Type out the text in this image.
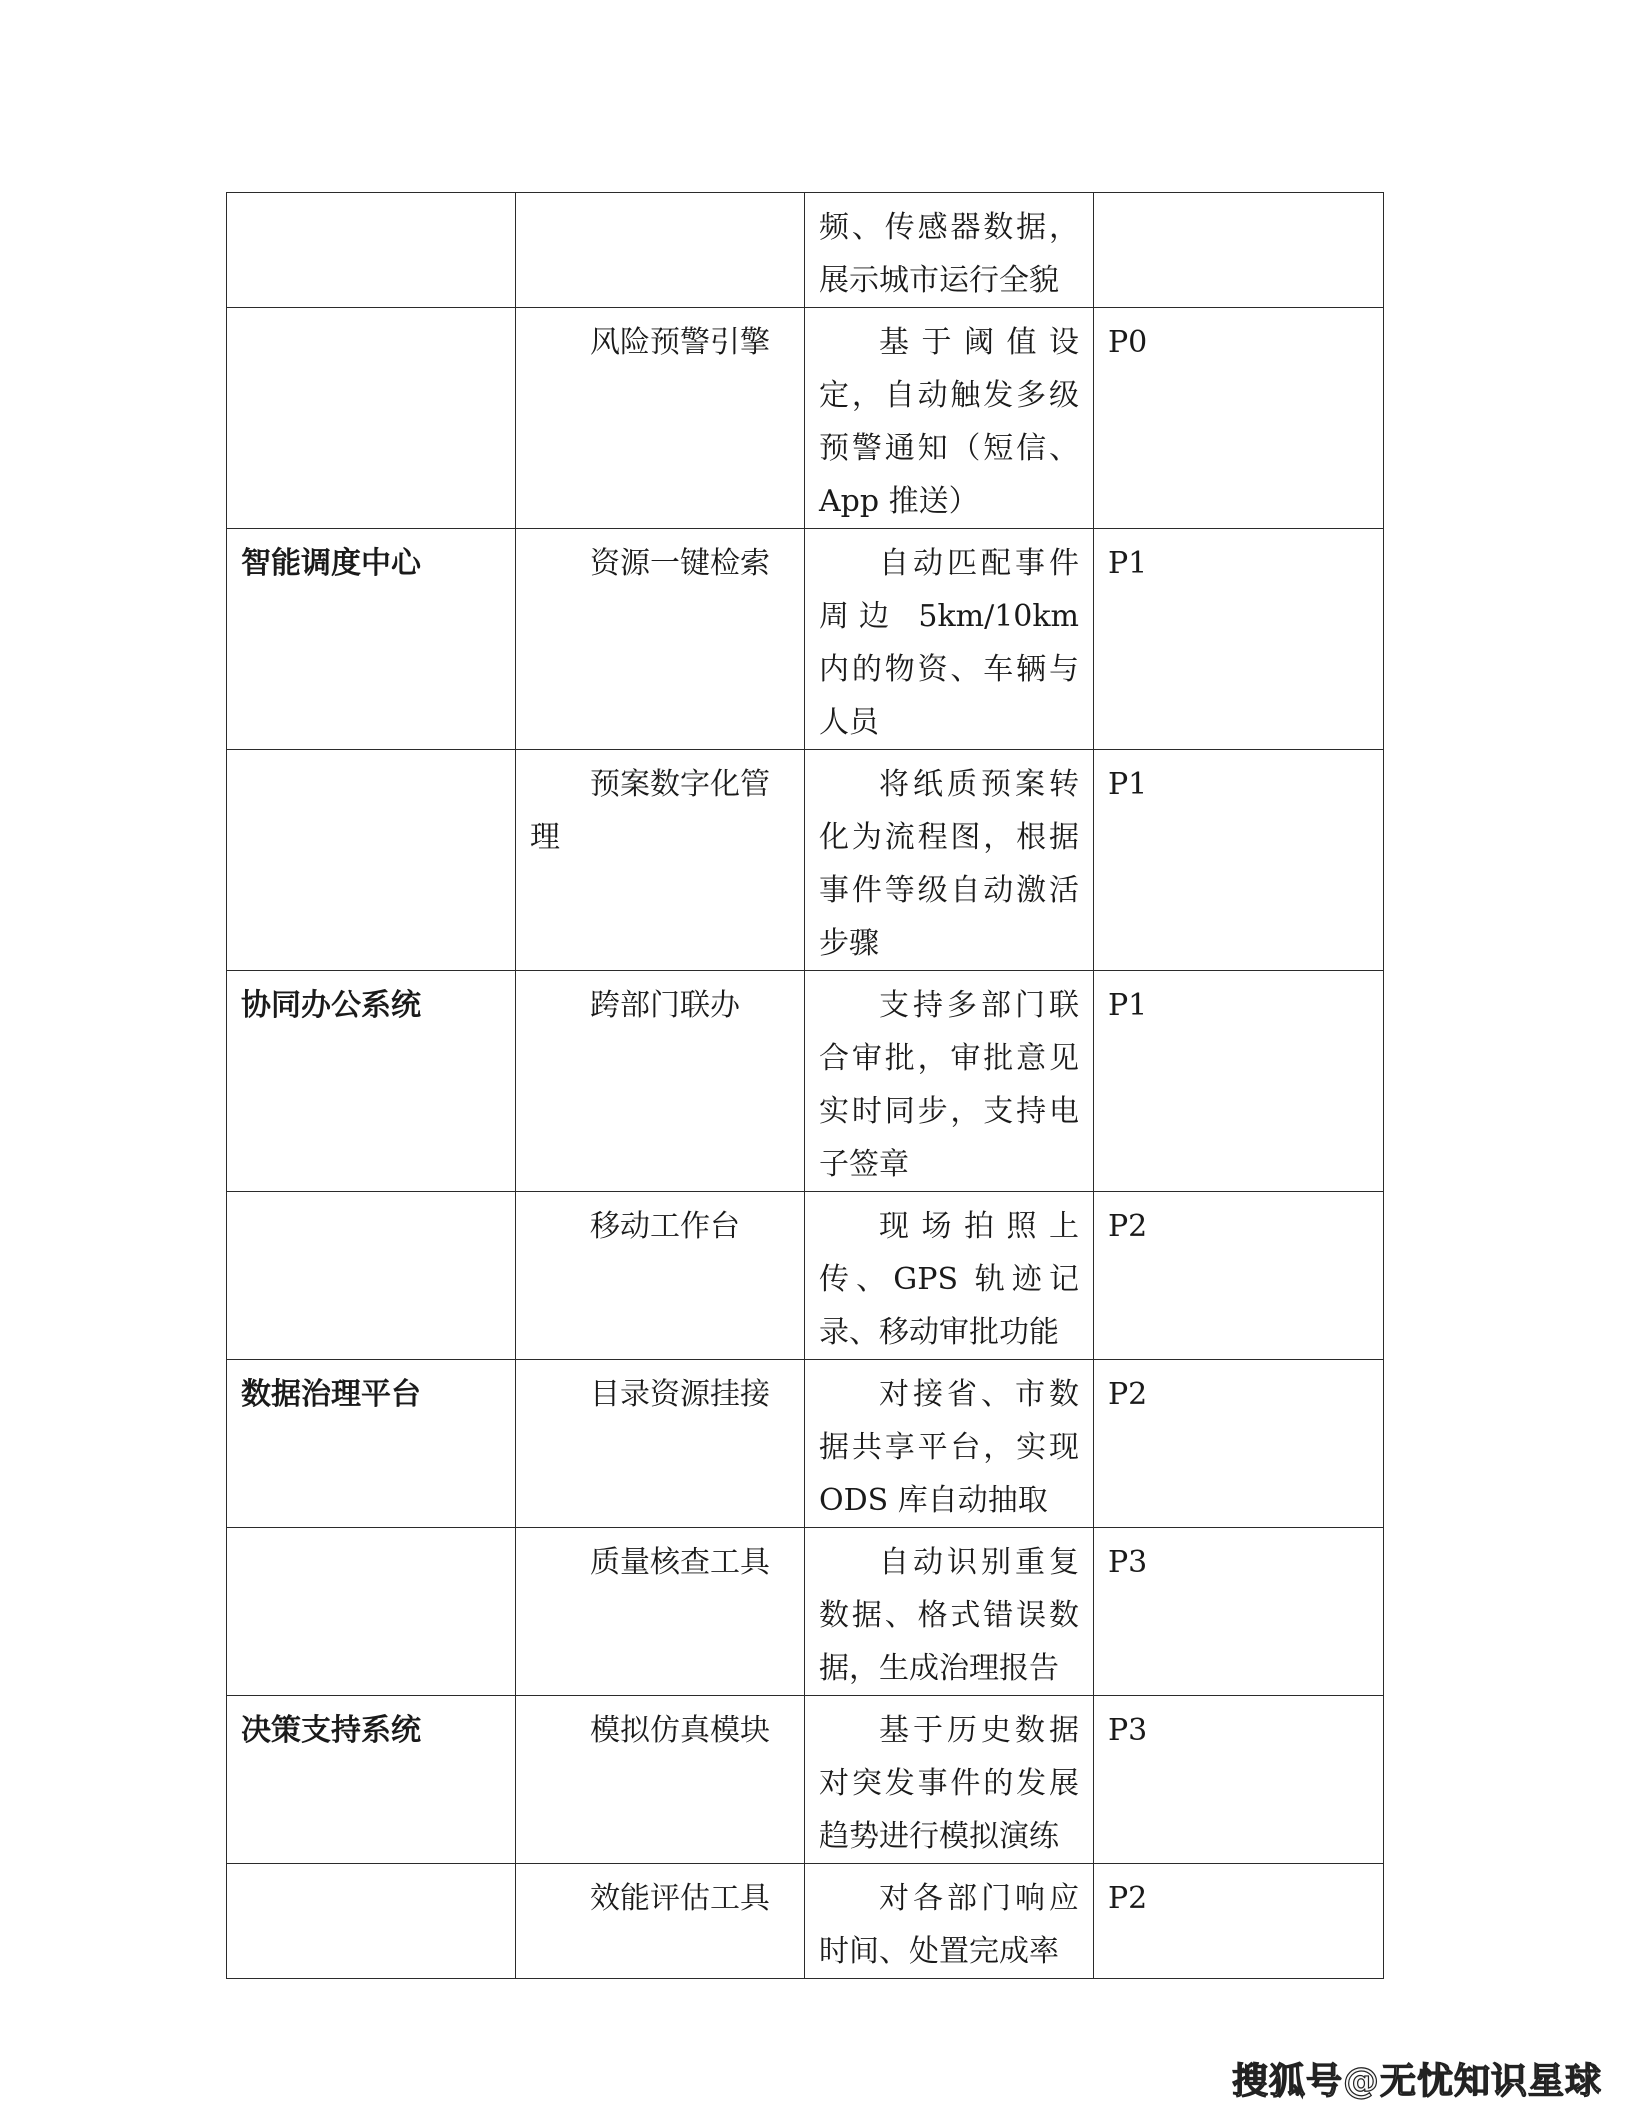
		频、传感器数据，展示城市运行全貌	
	风险预警引擎	基于阈值设定，自动触发多级预警通知（短信、App 推送）	P0
智能调度中心	资源一键检索	自动匹配事件周边 5km/10km 内的物资、车辆与人员	P1
	预案数字化管理	将纸质预案转化为流程图，根据事件等级自动激活步骤	P1
协同办公系统	跨部门联办	支持多部门联合审批，审批意见实时同步，支持电子签章	P1
	移动工作台	现场拍照上传、GPS 轨迹记录、移动审批功能	P2
数据治理平台	目录资源挂接	对接省、市数据共享平台，实现 ODS 库自动抽取	P2
	质量核查工具	自动识别重复数据、格式错误数据，生成治理报告	P3
决策支持系统	模拟仿真模块	基于历史数据对突发事件的发展趋势进行模拟演练	P3
	效能评估工具	对各部门响应时间、处置完成率	P2
搜狐号@无忧知识星球
